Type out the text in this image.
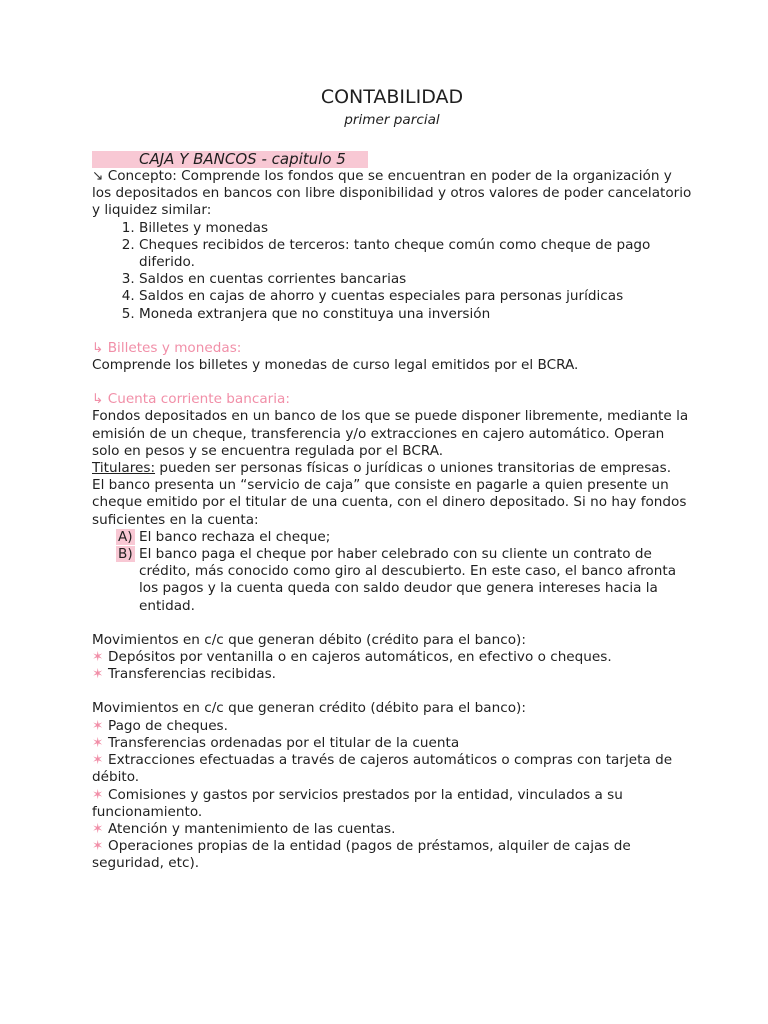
CONTABILIDAD
primer parcial
CAJA Y BANCOS - capitulo 5

↘ Concepto: Comprende los fondos que se encuentran en poder de la organización y los depositados en bancos con libre disponibilidad y otros valores de poder cancelatorio y liquidez similar:

1. Billetes y monedas
2. Cheques recibidos de terceros: tanto cheque común como cheque de pago diferido.
3. Saldos en cuentas corrientes bancarias
4. Saldos en cajas de ahorro y cuentas especiales para personas jurídicas
5. Moneda extranjera que no constituya una inversión
↳ Billetes y monedas:

Comprende los billetes y monedas de curso legal emitidos por el BCRA.

↳ Cuenta corriente bancaria:

Fondos depositados en un banco de los que se puede disponer libremente, mediante la emisión de un cheque, transferencia y/o extracciones en cajero automático. Operan solo en pesos y se encuentra regulada por el BCRA.

Titulares: pueden ser personas físicas o jurídicas o uniones transitorias de empresas.

El banco presenta un “servicio de caja” que consiste en pagarle a quien presente un cheque emitido por el titular de una cuenta, con el dinero depositado. Si no hay fondos suficientes en la cuenta:

A) El banco rechaza el cheque;
B) El banco paga el cheque por haber celebrado con su cliente un contrato de crédito, más conocido como giro al descubierto. En este caso, el banco afronta los pagos y la cuenta queda con saldo deudor que genera intereses hacia la entidad.

Movimientos en c/c que generan débito (crédito para el banco):

✶ Depósitos por ventanilla o en cajeros automáticos, en efectivo o cheques.
✶ Transferencias recibidas.

Movimientos en c/c que generan crédito (débito para el banco):

✶ Pago de cheques.
✶ Transferencias ordenadas por el titular de la cuenta
✶ Extracciones efectuadas a través de cajeros automáticos o compras con tarjeta de débito.
✶ Comisiones y gastos por servicios prestados por la entidad, vinculados a su funcionamiento.
✶ Atención y mantenimiento de las cuentas.
✶ Operaciones propias de la entidad (pagos de préstamos, alquiler de cajas de seguridad, etc).
